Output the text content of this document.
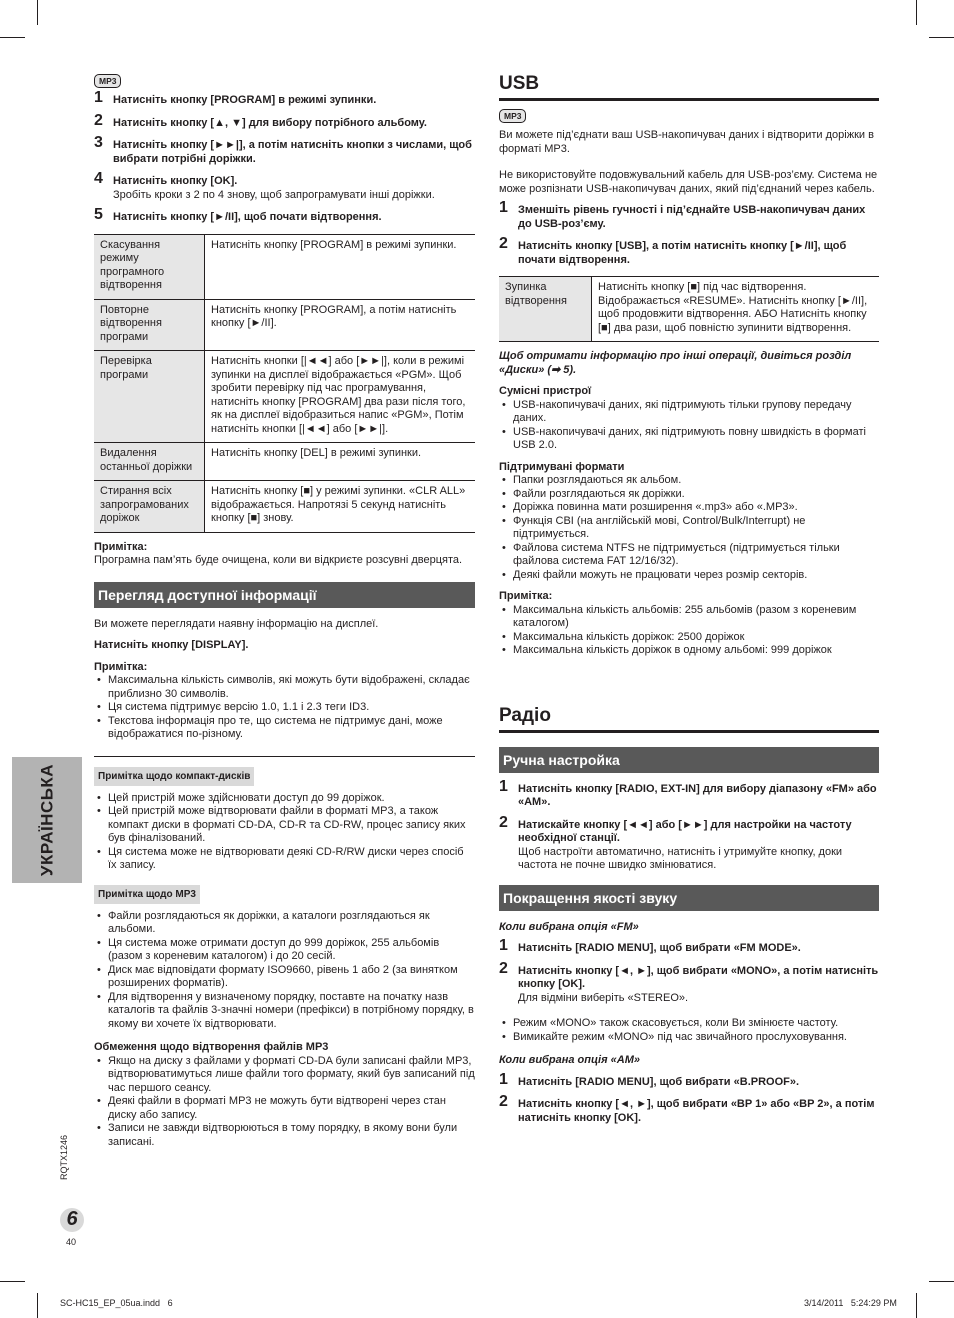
УКРАЇНСЬКА
MP3
1 Натисніть кнопку [PROGRAM] в режимі зупинки.
2 Натисніть кнопку [▲, ▼] для вибору потрібного альбому.
3 Натисніть кнопку [►►|], а потім натисніть кнопки з числами, щоб вибрати потрібні доріжки.
4 Натисніть кнопку [OK].
Зробіть кроки з 2 по 4 знову, щоб запрограмувати інші доріжки.
5 Натисніть кнопку [►/II], щоб почати відтворення.
Скасування режиму програмного відтворення	Натисніть кнопку [PROGRAM] в режимі зупинки.
Повторне відтворення програми	Натисніть кнопку [PROGRAM], а потім натисніть кнопку [►/II].
Перевірка програми	Натисніть кнопки [|◄◄] або [►►|], коли в режимі зупинки на дисплеї відображається «PGM». Щоб зробити перевірку під час програмування, натисніть кнопку [PROGRAM] два рази після того, як на дисплеї відобразиться напис «PGM», Потім натисніть кнопки [|◄◄] або [►►|].
Видалення останньої доріжки	Натисніть кнопку [DEL] в режимі зупинки.
Стирання всіх запрограмованих доріжок	Натисніть кнопку [■] у режимі зупинки. «CLR ALL» відображається. Напротязі 5 секунд натисніть кнопку [■] знову.
Примітка:

Програмна пам’ять буде очищена, коли ви відкриєте розсувні дверцята.

Перегляд доступної інформації

Ви можете переглядати наявну інформацію на дисплеї.

Натисніть кнопку [DISPLAY].

Примітка:
• Максимальна кількість символів, які можуть бути відображені, складає приблизно 30 символів.
• Ця система підтримує версію 1.0, 1.1 і 2.3 теги ID3.
• Текстова інформація про те, що система не підтримує дані, може відображатися по-різному.
Примітка щодо компакт-дисків
• Цей пристрій може здійснювати доступ до 99 доріжок.
• Цей пристрій може відтворювати файли в форматі MP3, а також компакт диски в форматі CD-DA, CD-R та CD-RW, процес запису яких був фіналізований.
• Ця система може не відтворювати деякі CD-R/RW диски через спосіб їх запису.
Примітка щодо MP3
• Файли розглядаються як доріжки, а каталоги розглядаються як альбоми.
• Ця система може отримати доступ до 999 доріжок, 255 альбомів (разом з кореневим каталогом) і до 20 сесій.
• Диск має відповідати формату ISO9660, рівень 1 або 2 (за винятком розширених форматів).
• Для відтворення у визначеному порядку, поставте на початку назв каталогів та файлів 3-значні номери (префікси) в потрібному порядку, в якому ви хочете їх відтворювати.
Обмеження щодо відтворення файлів MP3
• Якщо на диску з файлами у форматі CD-DA були записані файли MP3, відтворюватимуться лише файли того формату, який був записаний під час першого сеансу.
• Деякі файли в форматі MP3 не можуть бути відтворені через стан диску або запису.
• Записи не завжди відтворюються в тому порядку, в якому вони були записані.
USB
MP3

Ви можете під’єднати ваш USB-накопичувач даних і відтворити доріжки в форматі MP3.

Не використовуйте подовжувальний кабель для USB-роз’єму. Система не може розпізнати USB-накопичувач даних, який під’єднаний через кабель.

1 Зменшіть рівень гучності і під’єднайте USB-накопичувач даних до USB-роз’єму.
2 Натисніть кнопку [USB], а потім натисніть кнопку [►/II], щоб почати відтворення.
Зупинка відтворення	Натисніть кнопку [■] під час відтворення. Відображається «RESUME». Натисніть кнопку [►/II], щоб продовжити відтворення. АБО Натисніть кнопку [■] два рази, щоб повністю зупинити відтворення.

Щоб отримати інформацію про інші операції, дивіться розділ «Диски» (➡ 5).

Сумісні пристрої
• USB-накопичувачі даних, які підтримують тільки групову передачу даних.
• USB-накопичувачі даних, які підтримують повну швидкість в форматі USB 2.0.
Підтримувані формати
• Папки розглядаються як альбом.
• Файли розглядаються як доріжки.
• Доріжка повинна мати розширення «.mp3» або «.MP3».
• Функція CBI (на англійській мові, Control/Bulk/Interrupt) не підтримується.
• Файлова система NTFS не підтримується (підтримується тільки файлова система FAT 12/16/32).
• Деякі файли можуть не працювати через розмір секторів.
Примітка:
• Максимальна кількість альбомів: 255 альбомів (разом з кореневим каталогом)
• Максимальна кількість доріжок: 2500 доріжок
• Максимальна кількість доріжок в одному альбомі: 999 доріжок
Радіо
Ручна настройка
1 Натисніть кнопку [RADIO, EXT-IN] для вибору діапазону «FM» або «AM».
2 Натискайте кнопку [◄◄] або [►►] для настройки на частоту необхідної станції.
Щоб настроїти автоматично, натисніть і утримуйте кнопку, доки частота не почне швидко змінюватися.
Покращення якості звуку

Коли вибрана опція «FM»

1 Натисніть [RADIO MENU], щоб вибрати «FM MODE».
2 Натисніть кнопку [◄, ►], щоб вибрати «MONO», а потім натисніть кнопку [OK].
Для відміни виберіть «STEREO».
• Режим «MONO» також скасовується, коли Ви змінюєте частоту.
• Вимикайте режим «MONO» під час звичайного прослуховування.

Коли вибрана опція «AM»

1 Натисніть [RADIO MENU], щоб вибрати «B.PROOF».
2 Натисніть кнопку [◄, ►], щоб вибрати «BP 1» або «BP 2», а потім натисніть кнопку [OK].
RQTX1246
6
40
SC-HC15_EP_05ua.indd   6	3/14/2011   5:24:29 PM
